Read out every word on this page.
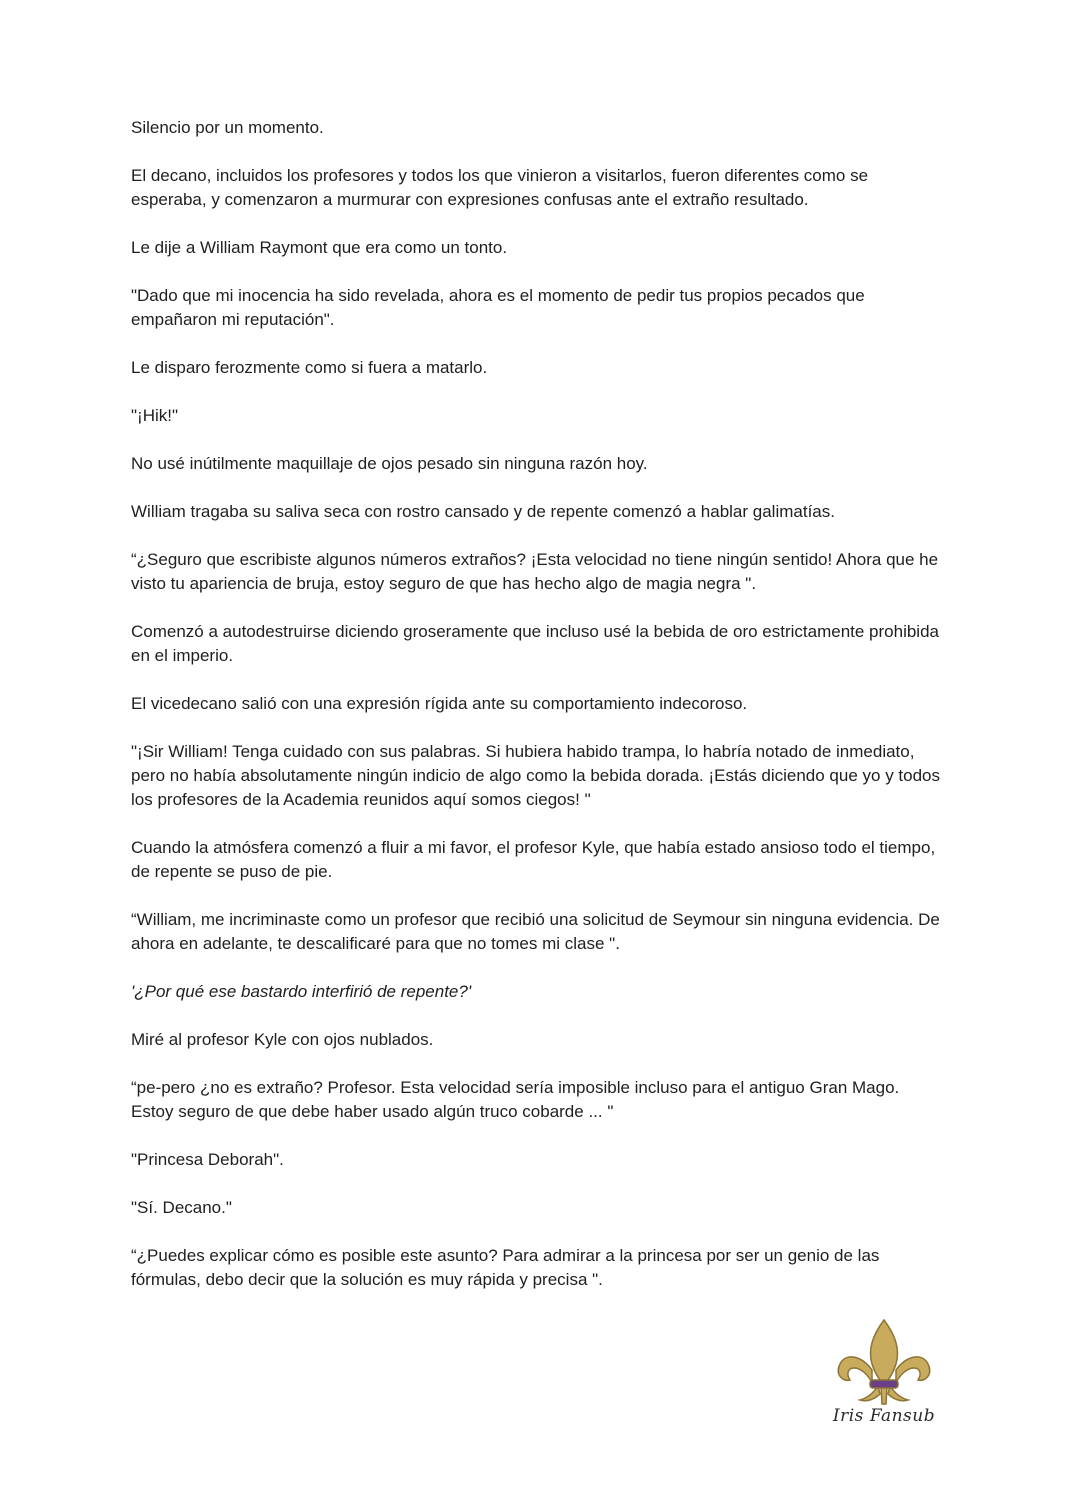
Silencio por un momento.

El decano, incluidos los profesores y todos los que vinieron a visitarlos, fueron diferentes como se esperaba, y comenzaron a murmurar con expresiones confusas ante el extraño resultado.

Le dije a William Raymont que era como un tonto.

"Dado que mi inocencia ha sido revelada, ahora es el momento de pedir tus propios pecados que empañaron mi reputación".

Le disparo ferozmente como si fuera a matarlo.

"¡Hik!"

No usé inútilmente maquillaje de ojos pesado sin ninguna razón hoy.

William tragaba su saliva seca con rostro cansado y de repente comenzó a hablar galimatías.

“¿Seguro que escribiste algunos números extraños? ¡Esta velocidad no tiene ningún sentido! Ahora que he visto tu apariencia de bruja, estoy seguro de que has hecho algo de magia negra ".

Comenzó a autodestruirse diciendo groseramente que incluso usé la bebida de oro estrictamente prohibida en el imperio.

El vicedecano salió con una expresión rígida ante su comportamiento indecoroso.

"¡Sir William! Tenga cuidado con sus palabras. Si hubiera habido trampa, lo habría notado de inmediato, pero no había absolutamente ningún indicio de algo como la bebida dorada. ¡Estás diciendo que yo y todos los profesores de la Academia reunidos aquí somos ciegos! "

Cuando la atmósfera comenzó a fluir a mi favor, el profesor Kyle, que había estado ansioso todo el tiempo, de repente se puso de pie.

“William, me incriminaste como un profesor que recibió una solicitud de Seymour sin ninguna evidencia. De ahora en adelante, te descalificaré para que no tomes mi clase ".

'¿Por qué ese bastardo interfirió de repente?'

Miré al profesor Kyle con ojos nublados.

“pe-pero ¿no es extraño? Profesor. Esta velocidad sería imposible incluso para el antiguo Gran Mago. Estoy seguro de que debe haber usado algún truco cobarde ... "

"Princesa Deborah".

"Sí. Decano."

“¿Puedes explicar cómo es posible este asunto? Para admirar a la princesa por ser un genio de las fórmulas, debo decir que la solución es muy rápida y precisa ".

Iris Fansub
